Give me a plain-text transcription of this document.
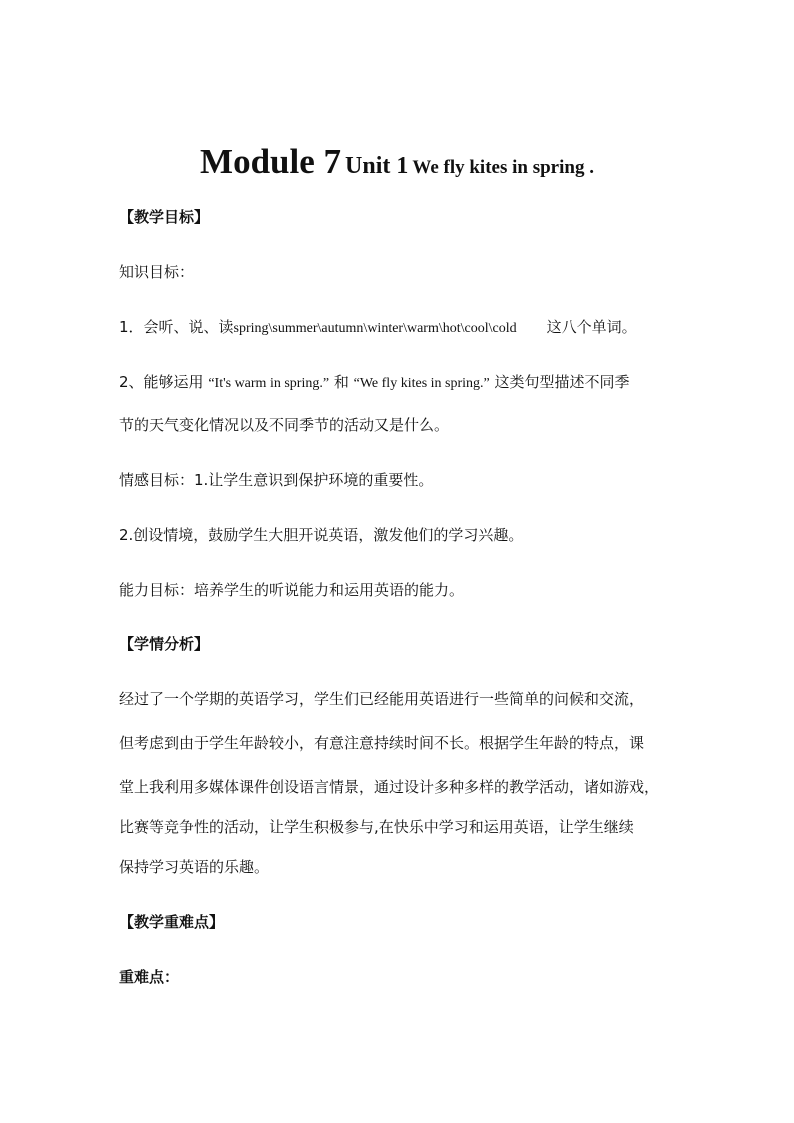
Module 7 Unit 1 We fly kites in spring .
【教学目标】
知识目标：
1．会听、说、读spring\summer\autumn\winter\warm\hot\cool\cold 这八个单词。
2、能够运用 “It's warm in spring.” 和 “We fly kites in spring.” 这类句型描述不同季
节的天气变化情况以及不同季节的活动又是什么。
情感目标：1.让学生意识到保护环境的重要性。
2.创设情境，鼓励学生大胆开说英语，激发他们的学习兴趣。
能力目标：培养学生的听说能力和运用英语的能力。
【学情分析】
经过了一个学期的英语学习，学生们已经能用英语进行一些简单的问候和交流，
但考虑到由于学生年龄较小，有意注意持续时间不长。根据学生年龄的特点，课
堂上我利用多媒体课件创设语言情景，通过设计多种多样的教学活动，诸如游戏，
比赛等竞争性的活动，让学生积极参与,在快乐中学习和运用英语，让学生继续
保持学习英语的乐趣。
【教学重难点】
重难点：
